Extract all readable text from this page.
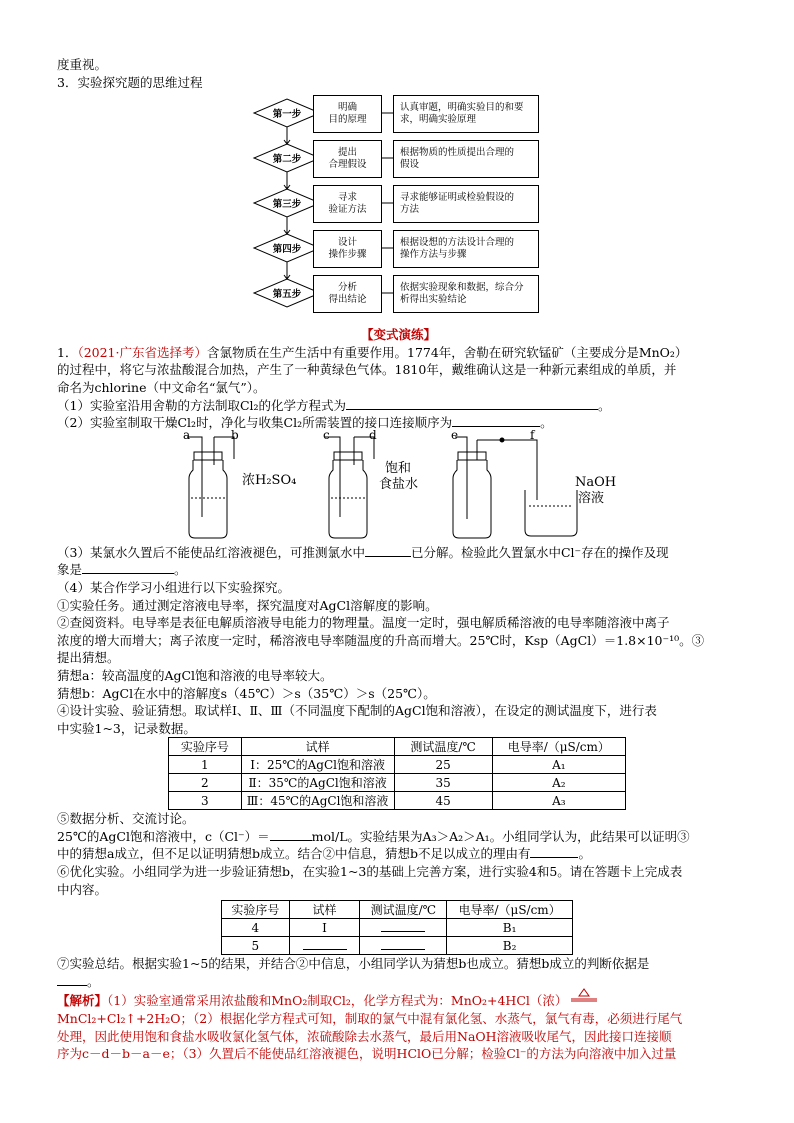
度重视。
3．实验探究题的思维过程
第一步
明确
目的原理
认真审题，明确实验目的和要
求，明确实验原理
第二步
提出
合理假设
根据物质的性质提出合理的
假设
第三步
寻求
验证方法
寻求能够证明或检验假设的
方法
第四步
设计
操作步骤
根据设想的方法设计合理的
操作方法与步骤
第五步
分析
得出结论
依据实验现象和数据，综合分
析得出实验结论
【变式演练】
1．（2021·广东省选择考）含氯物质在生产生活中有重要作用。1774年，舍勒在研究软锰矿（主要成分是MnO₂）
的过程中，将它与浓盐酸混合加热，产生了一种黄绿色气体。1810年，戴维确认这是一种新元素组成的单质，并
命名为chlorine（中文命名“氯气”）。
（1）实验室沿用舍勒的方法制取Cl₂的化学方程式为	。
（2）实验室制取干燥Cl₂时，净化与收集Cl₂所需装置的接口连接顺序为	。
a	b	c	d	e	f
浓H₂SO₄
饱和
食盐水	NaOH
溶液
（3）某氯水久置后不能使品红溶液褪色，可推测氯水中	已分解。检验此久置氯水中Cl⁻存在的操作及现
象是	。
（4）某合作学习小组进行以下实验探究。
①实验任务。通过测定溶液电导率，探究温度对AgCl溶解度的影响。
②查阅资料。电导率是表征电解质溶液导电能力的物理量。温度一定时，强电解质稀溶液的电导率随溶液中离子
浓度的增大而增大；离子浓度一定时，稀溶液电导率随温度的升高而增大。25℃时，Ksp（AgCl）＝1.8×10⁻¹⁰。③
提出猜想。
猜想a：较高温度的AgCl饱和溶液的电导率较大。
猜想b：AgCl在水中的溶解度s（45℃）＞s（35℃）＞s（25℃）。
④设计实验、验证猜想。取试样Ⅰ、Ⅱ、Ⅲ（不同温度下配制的AgCl饱和溶液），在设定的测试温度下，进行表
中实验1~3，记录数据。
实验序号	试样	测试温度/℃	电导率/（μS/cm）
1	Ⅰ：25℃的AgCl饱和溶液	25	A₁
2	Ⅱ：35℃的AgCl饱和溶液	35	A₂
3	Ⅲ：45℃的AgCl饱和溶液	45	A₃
⑤数据分析、交流讨论。
25℃的AgCl饱和溶液中，c（Cl⁻）＝	mol/L。实验结果为A₃＞A₂＞A₁。小组同学认为，此结果可以证明③
中的猜想a成立，但不足以证明猜想b成立。结合②中信息，猜想b不足以成立的理由有	。
⑥优化实验。小组同学为进一步验证猜想b，在实验1~3的基础上完善方案，进行实验4和5。请在答题卡上完成表
中内容。
实验序号	试样	测试温度/℃	电导率/（μS/cm）
4	Ⅰ		B₁
5			B₂
⑦实验总结。根据实验1~5的结果，并结合②中信息，小组同学认为猜想b也成立。猜想b成立的判断依据是
。
【解析】（1）实验室通常采用浓盐酸和MnO₂制取Cl₂，化学方程式为：MnO₂+4HCl（浓）
MnCl₂+Cl₂↑+2H₂O；（2）根据化学方程式可知，制取的氯气中混有氯化氢、水蒸气，氯气有毒，必须进行尾气
处理，因此使用饱和食盐水吸收氯化氢气体，浓硫酸除去水蒸气，最后用NaOH溶液吸收尾气，因此接口连接顺
序为c－d－b－a－e；（3）久置后不能使品红溶液褪色，说明HClO已分解；检验Cl⁻的方法为向溶液中加入过量
